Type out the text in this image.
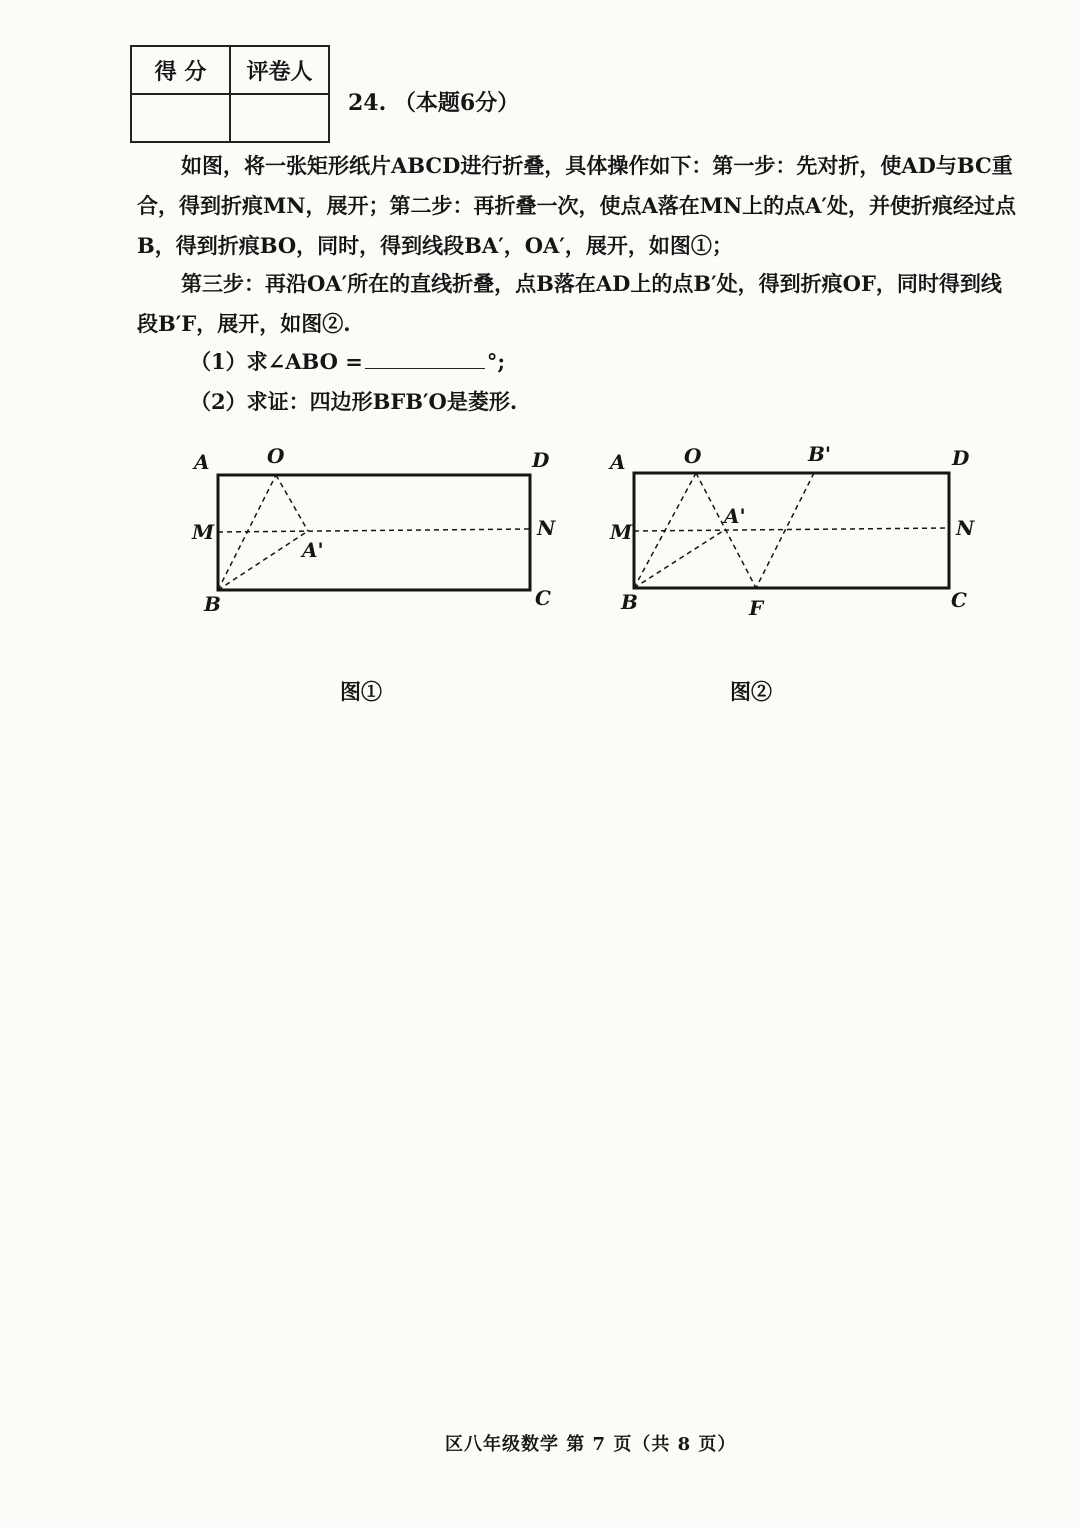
得 分	评卷人

24. （本题6分）

如图，将一张矩形纸片ABCD进行折叠，具体操作如下：第一步：先对折，使AD与BC重合，得到折痕MN，展开；第二步：再折叠一次，使点A落在MN上的点A′处，并使折痕经过点B，得到折痕BO，同时，得到线段BA′，OA′，展开，如图①；

第三步：再沿OA′所在的直线折叠，点B落在AD上的点B′处，得到折痕OF，同时得到线段B′F，展开，如图②.

（1）求∠ABO =	°;
（2）求证：四边形BFB′O是菱形.
A	O	D
M	N
A'
B	C
A	O	B'	D
M	N
A'
B	F	C
图①	图②
区八年级数学 第 7 页（共 8 页）
